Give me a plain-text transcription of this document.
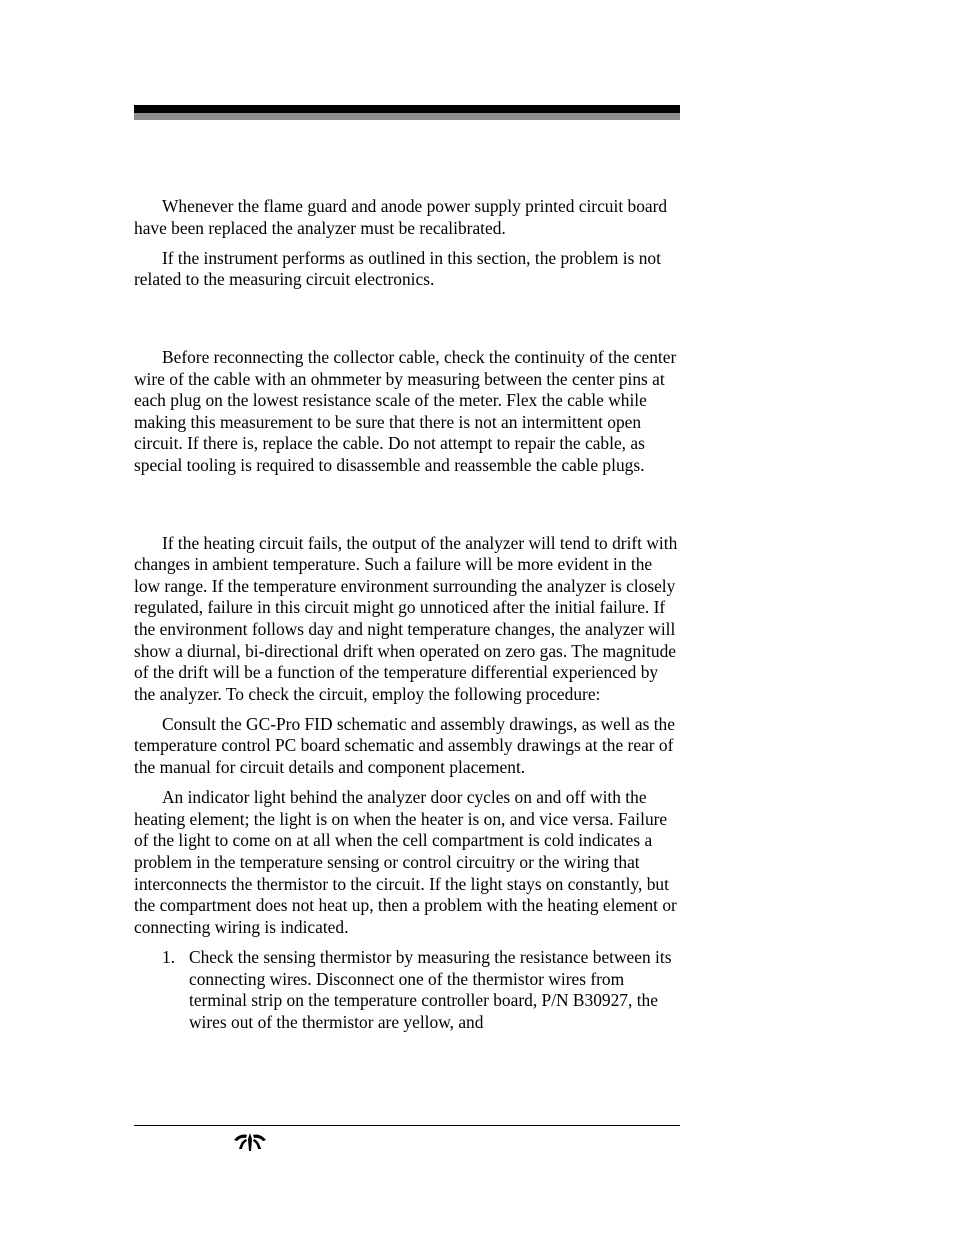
Whenever the flame guard and anode power supply printed circuit board have been replaced the analyzer must be recalibrated.

If the instrument performs as outlined in this section, the problem is not related to the measuring circuit electronics.

Before reconnecting the collector cable, check the continuity of the center wire of the cable with an ohmmeter by measuring between the center pins at each plug on the lowest resistance scale of the meter. Flex the cable while making this measurement to be sure that there is not an intermittent open circuit. If there is, replace the cable. Do not attempt to repair the cable, as special tooling is required to disassemble and reassemble the cable plugs.

If the heating circuit fails, the output of the analyzer will tend to drift with changes in ambient temperature. Such a failure will be more evident in the low range. If the temperature environment surrounding the analyzer is closely regulated, failure in this circuit might go unnoticed after the initial failure. If the environment follows day and night temperature changes, the analyzer will show a diurnal, bi-directional drift when operated on zero gas. The magnitude of the drift will be a function of the temperature differential experienced by the analyzer. To check the circuit, employ the following procedure:

Consult the GC-Pro FID schematic and assembly drawings, as well as the temperature control PC board schematic and assembly drawings at the rear of the manual for circuit details and component placement.

An indicator light behind the analyzer door cycles on and off with the heating element; the light is on when the heater is on, and vice versa. Failure of the light to come on at all when the cell compartment is cold indicates a problem in the temperature sensing or control circuitry or the wiring that interconnects the thermistor to the circuit. If the light stays on constantly, but the compartment does not heat up, then a problem with the heating element or connecting wiring is indicated.

1. Check the sensing thermistor by measuring the resistance between its connecting wires. Disconnect one of the thermistor wires from terminal strip on the temperature controller board, P/N B30927, the wires out of the thermistor are yellow, and
